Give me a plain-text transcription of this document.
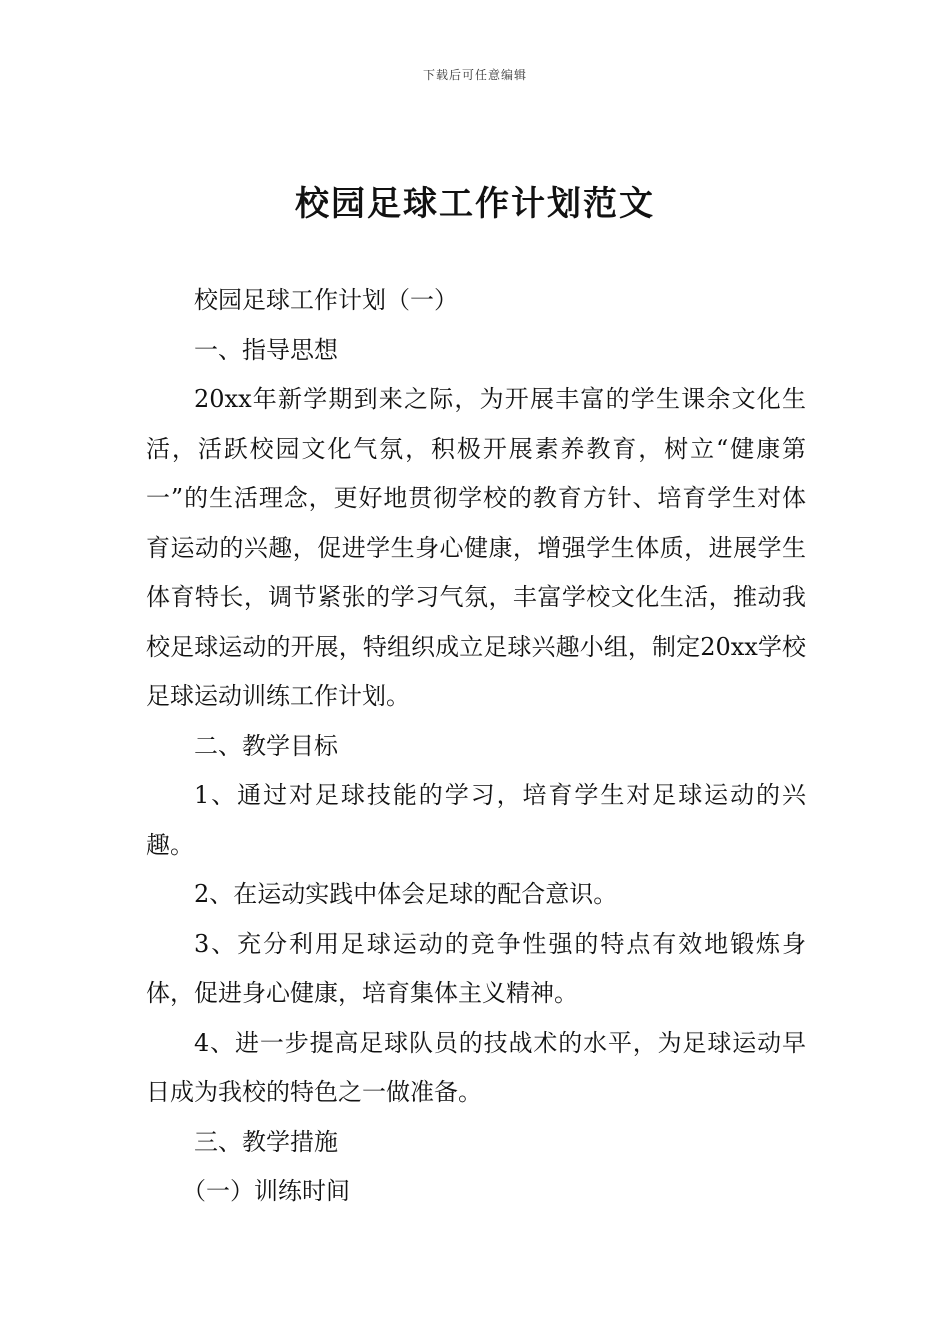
下载后可任意编辑
校园足球工作计划范文

校园足球工作计划（一）

一、指导思想

20xx年新学期到来之际，为开展丰富的学生课余文化生活，活跃校园文化气氛，积极开展素养教育，树立“健康第一”的生活理念，更好地贯彻学校的教育方针、培育学生对体育运动的兴趣，促进学生身心健康，增强学生体质，进展学生体育特长，调节紧张的学习气氛，丰富学校文化生活，推动我校足球运动的开展，特组织成立足球兴趣小组，制定20xx学校足球运动训练工作计划。

二、教学目标

1、通过对足球技能的学习，培育学生对足球运动的兴趣。

2、在运动实践中体会足球的配合意识。

3、充分利用足球运动的竞争性强的特点有效地锻炼身体，促进身心健康，培育集体主义精神。

4、进一步提高足球队员的技战术的水平，为足球运动早日成为我校的特色之一做准备。

三、教学措施

（一）训练时间
